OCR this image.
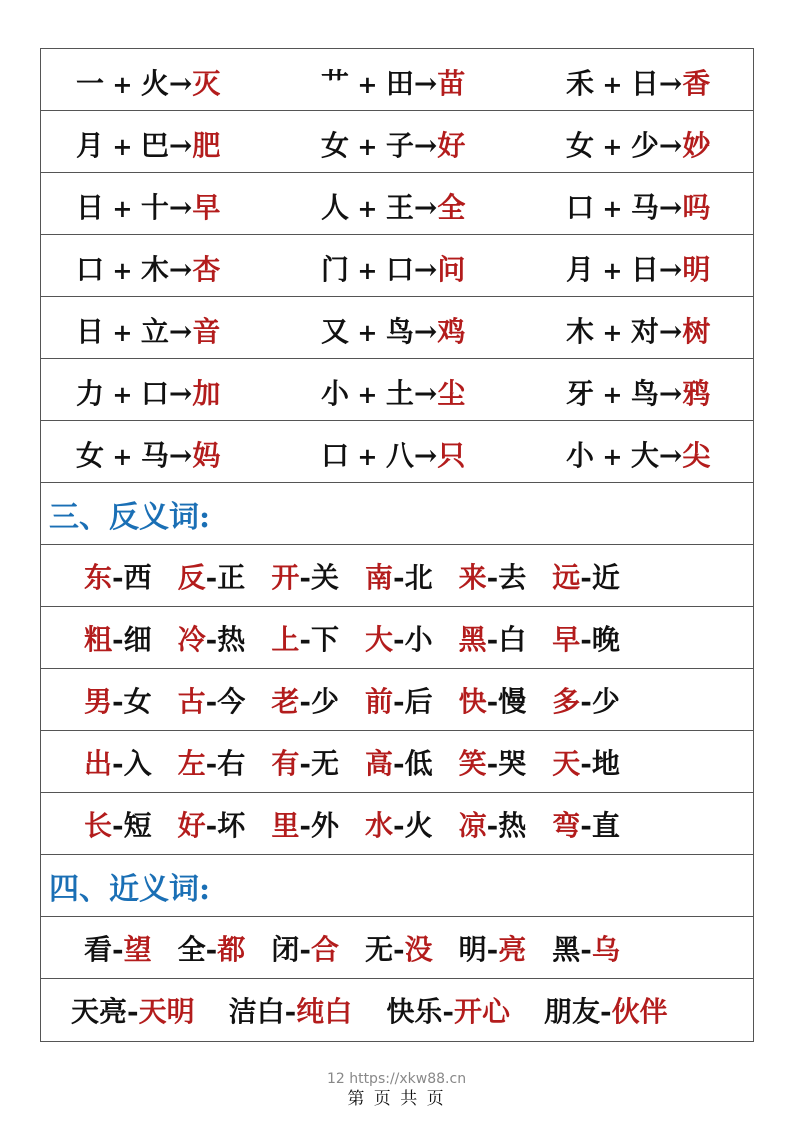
一 + 火→灭	艹 + 田→苗	禾 + 日→香
月 + 巴→肥	女 + 子→好	女 + 少→妙
日 + 十→早	人 + 王→全	口 + 马→吗
口 + 木→杏	门 + 口→问	月 + 日→明
日 + 立→音	又 + 鸟→鸡	木 + 对→树
力 + 口→加	小 + 土→尘	牙 + 鸟→鸦
女 + 马→妈	口 + 八→只	小 + 大→尖
三、反义词:
东-西 反-正 开-关 南-北 来-去 远-近
粗-细 冷-热 上-下 大-小 黑-白 早-晚
男-女 古-今 老-少 前-后 快-慢 多-少
出-入 左-右 有-无 高-低 笑-哭 天-地
长-短 好-坏 里-外 水-火 凉-热 弯-直
四、近义词:
看-望 全-都 闭-合 无-没 明-亮 黑-乌
天亮-天明 洁白-纯白 快乐-开心 朋友-伙伴
12 https://xkw88.cn
第 页 共 页
